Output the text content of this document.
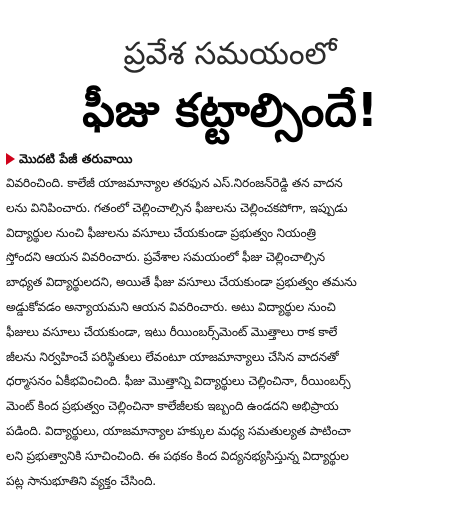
ప్రవేశ సమయంలో
ఫీజు కట్టాల్సిందే!
మొదటి పేజీ తరువాయి
వివరించింది. కాలేజీ యాజమాన్యాల తరఫున ఎస్.నిరంజన్‌రెడ్డి తన వాదన
లను వినిపించారు. గతంలో చెల్లించాల్సిన ఫీజులను చెల్లించకపోగా, ఇప్పుడు
విద్యార్థుల నుంచి ఫీజులను వసూలు చేయకుండా ప్రభుత్వం నియంత్రి
స్తోందని ఆయన వివరించారు. ప్రవేశాల సమయంలో ఫీజు చెల్లించాల్సిన
బాధ్యత విద్యార్థులదని, అయితే ఫీజు వసూలు చేయకుండా ప్రభుత్వం తమను
అడ్డుకోవడం అన్యాయమని ఆయన వివరించారు. అటు విద్యార్థుల నుంచి
ఫీజులు వసూలు చేయకుండా, ఇటు రీయింబర్స్‌మెంట్ మొత్తాలు రాక కాలే
జీలను నిర్వహించే పరిస్థితులు లేవంటూ యాజమాన్యాలు చేసిన వాదనతో
ధర్మాసనం ఏకీభవించింది. ఫీజు మొత్తాన్ని విద్యార్థులు చెల్లించినా, రీయింబర్స్
మెంట్ కింద ప్రభుత్వం చెల్లించినా కాలేజీలకు ఇబ్బంది ఉండదని అభిప్రాయ
పడింది. విద్యార్థులు, యాజమాన్యాల హక్కుల మధ్య సమతుల్యత పాటించా
లని ప్రభుత్వానికి సూచించింది. ఈ పథకం కింద విద్యనభ్యసిస్తున్న విద్యార్థుల
పట్ల సానుభూతిని వ్యక్తం చేసింది.
